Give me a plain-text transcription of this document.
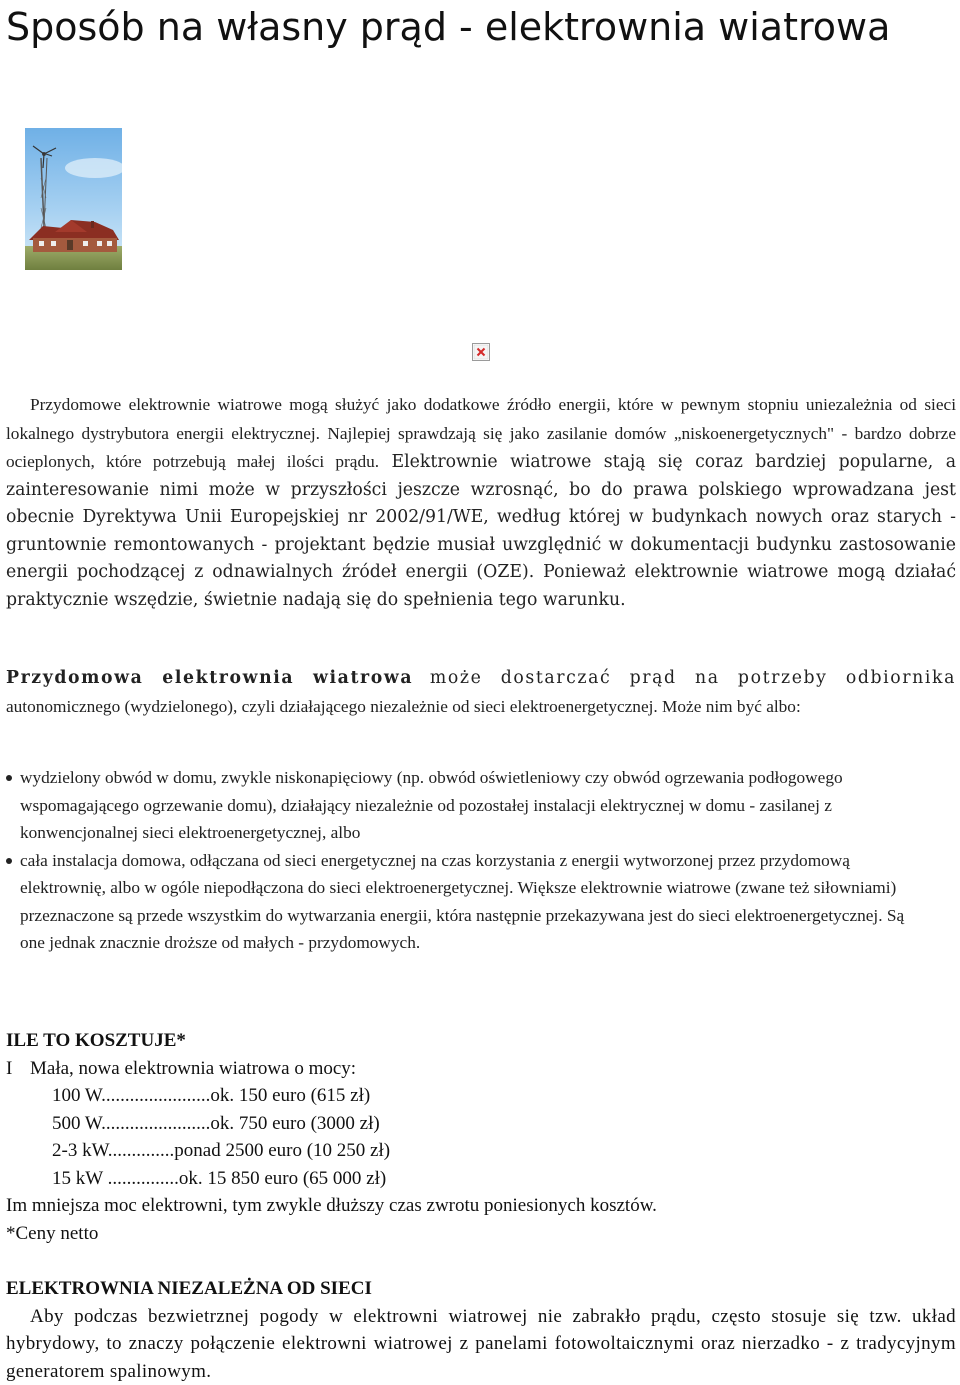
Sposób na własny prąd - elektrownia wiatrowa

Przydomowe elektrownie wiatrowe mogą służyć jako dodatkowe źródło energii, które w pewnym stopniu uniezależnia od sieci lokalnego dystrybutora energii elektrycznej. Najlepiej sprawdzają się jako zasilanie domów „niskoenergetycznych" - bardzo dobrze ocieplonych, które potrzebują małej ilości prądu. Elektrownie wiatrowe stają się coraz bardziej popularne, a zainteresowanie nimi może w przyszłości jeszcze wzrosnąć, bo do prawa polskiego wprowadzana jest obecnie Dyrektywa Unii Europejskiej nr 2002/91/WE, według której w budynkach nowych oraz starych - gruntownie remontowanych - projektant będzie musiał uwzględnić w dokumentacji budynku zastosowanie energii pochodzącej z odnawialnych źródeł energii (OZE). Ponieważ elektrownie wiatrowe mogą działać praktycznie wszędzie, świetnie nadają się do spełnienia tego warunku.

Przydomowa elektrownia wiatrowa może dostarczać prąd na potrzeby odbiornika autonomicznego (wydzielonego), czyli działającego niezależnie od sieci elektroenergetycznej. Może nim być albo:

wydzielony obwód w domu, zwykle niskonapięciowy (np. obwód oświetleniowy czy obwód ogrzewania podłogowego wspomagającego ogrzewanie domu), działający niezależnie od pozostałej instalacji elektrycznej w domu - zasilanej z konwencjonalnej sieci elektroenergetycznej, albo
cała instalacja domowa, odłączana od sieci energetycznej na czas korzystania z energii wytworzonej przez przydomową elektrownię, albo w ogóle niepodłączona do sieci elektroenergetycznej. Większe elektrownie wiatrowe (zwane też siłowniami) przeznaczone są przede wszystkim do wytwarzania energii, która następnie przekazywana jest do sieci elektroenergetycznej. Są one jednak znacznie droższe od małych - przydomowych.
ILE TO KOSZTUJE*
I Mała, nowa elektrownia wiatrowa o mocy:
100 W.......................ok. 150 euro (615 zł)
500 W.......................ok. 750 euro (3000 zł)
2-3 kW..............ponad 2500 euro (10 250 zł)
15 kW ...............ok. 15 850 euro (65 000 zł)
Im mniejsza moc elektrowni, tym zwykle dłuższy czas zwrotu poniesionych kosztów.
*Ceny netto
ELEKTROWNIA NIEZALEŻNA OD SIECI
Aby podczas bezwietrznej pogody w elektrowni wiatrowej nie zabrakło prądu, często stosuje się tzw. układ hybrydowy, to znaczy połączenie elektrowni wiatrowej z panelami fotowoltaicznymi oraz nierzadko - z tradycyjnym generatorem spalinowym.
